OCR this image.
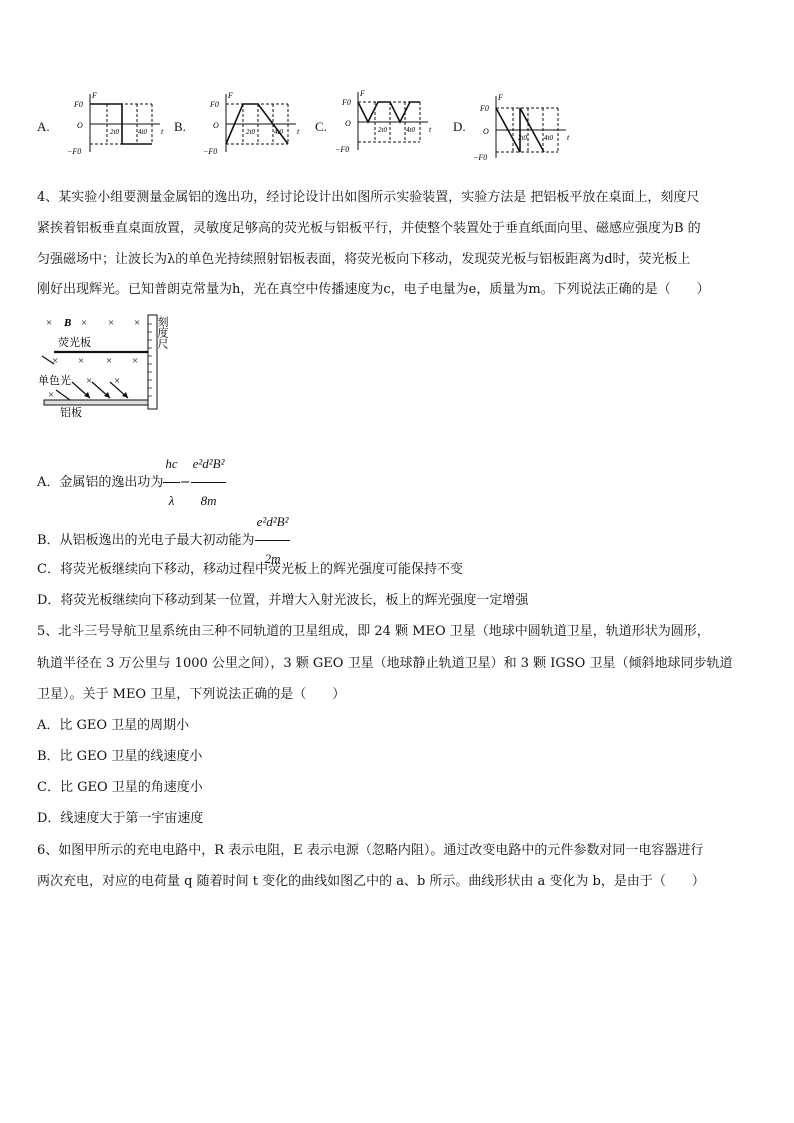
A.
F
F0
O
−F0
t
2t0	4t0 B.
F
F0
O
−F0
t
2t0	4t0 C.
F
F0
O
−F0
t
2t0	4t0	D.
F
F0
O
−F0
t
2t0 4t0
4、某实验小组要测量金属铝的逸出功，经讨论设计出如图所示实验装置，实验方法是 把铝板平放在桌面上，刻度尺
紧挨着铝板垂直桌面放置，灵敏度足够高的荧光板与铝板平行，并使整个装置处于垂直纸面向里、磁感应强度为B 的
匀强磁场中；让波长为λ的单色光持续照射铝板表面，将荧光板向下移动，发现荧光板与铝板距离为d时，荧光板上
刚好出现辉光。已知普朗克常量为h，光在真空中传播速度为c，电子电量为e，质量为m。下列说法正确的是（　　）
×	× × ×
× × × ×
× ×
×
B
荧光板
单色光
铝板
刻度尺
A．金属铝的逸出功为 $\frac{hc}{\lambda} - \frac{\text{e²d²B²}}{8m}$
B．从铝板逸出的光电子最大初动能为 $\frac{\text{e²d²B²}}{2m}$
C．将荧光板继续向下移动，移动过程中荧光板上的辉光强度可能保持不变
D．将荧光板继续向下移动到某一位置，并增大入射光波长，板上的辉光强度一定增强
5、北斗三号导航卫星系统由三种不同轨道的卫星组成，即 24 颗 MEO 卫星（地球中圆轨道卫星，轨道形状为圆形，
轨道半径在 3 万公里与 1000 公里之间），3 颗 GEO 卫星（地球静止轨道卫星）和 3 颗 IGSO 卫星（倾斜地球同步轨道
卫星）。关于 MEO 卫星，下列说法正确的是（　　）
A．比 GEO 卫星的周期小
B．比 GEO 卫星的线速度小
C．比 GEO 卫星的角速度小
D．线速度大于第一宇宙速度
6、如图甲所示的充电电路中，R 表示电阻，E 表示电源（忽略内阻）。通过改变电路中的元件参数对同一电容器进行
两次充电，对应的电荷量 q 随着时间 t 变化的曲线如图乙中的 a、b 所示。曲线形状由 a 变化为 b，是由于（　　）
